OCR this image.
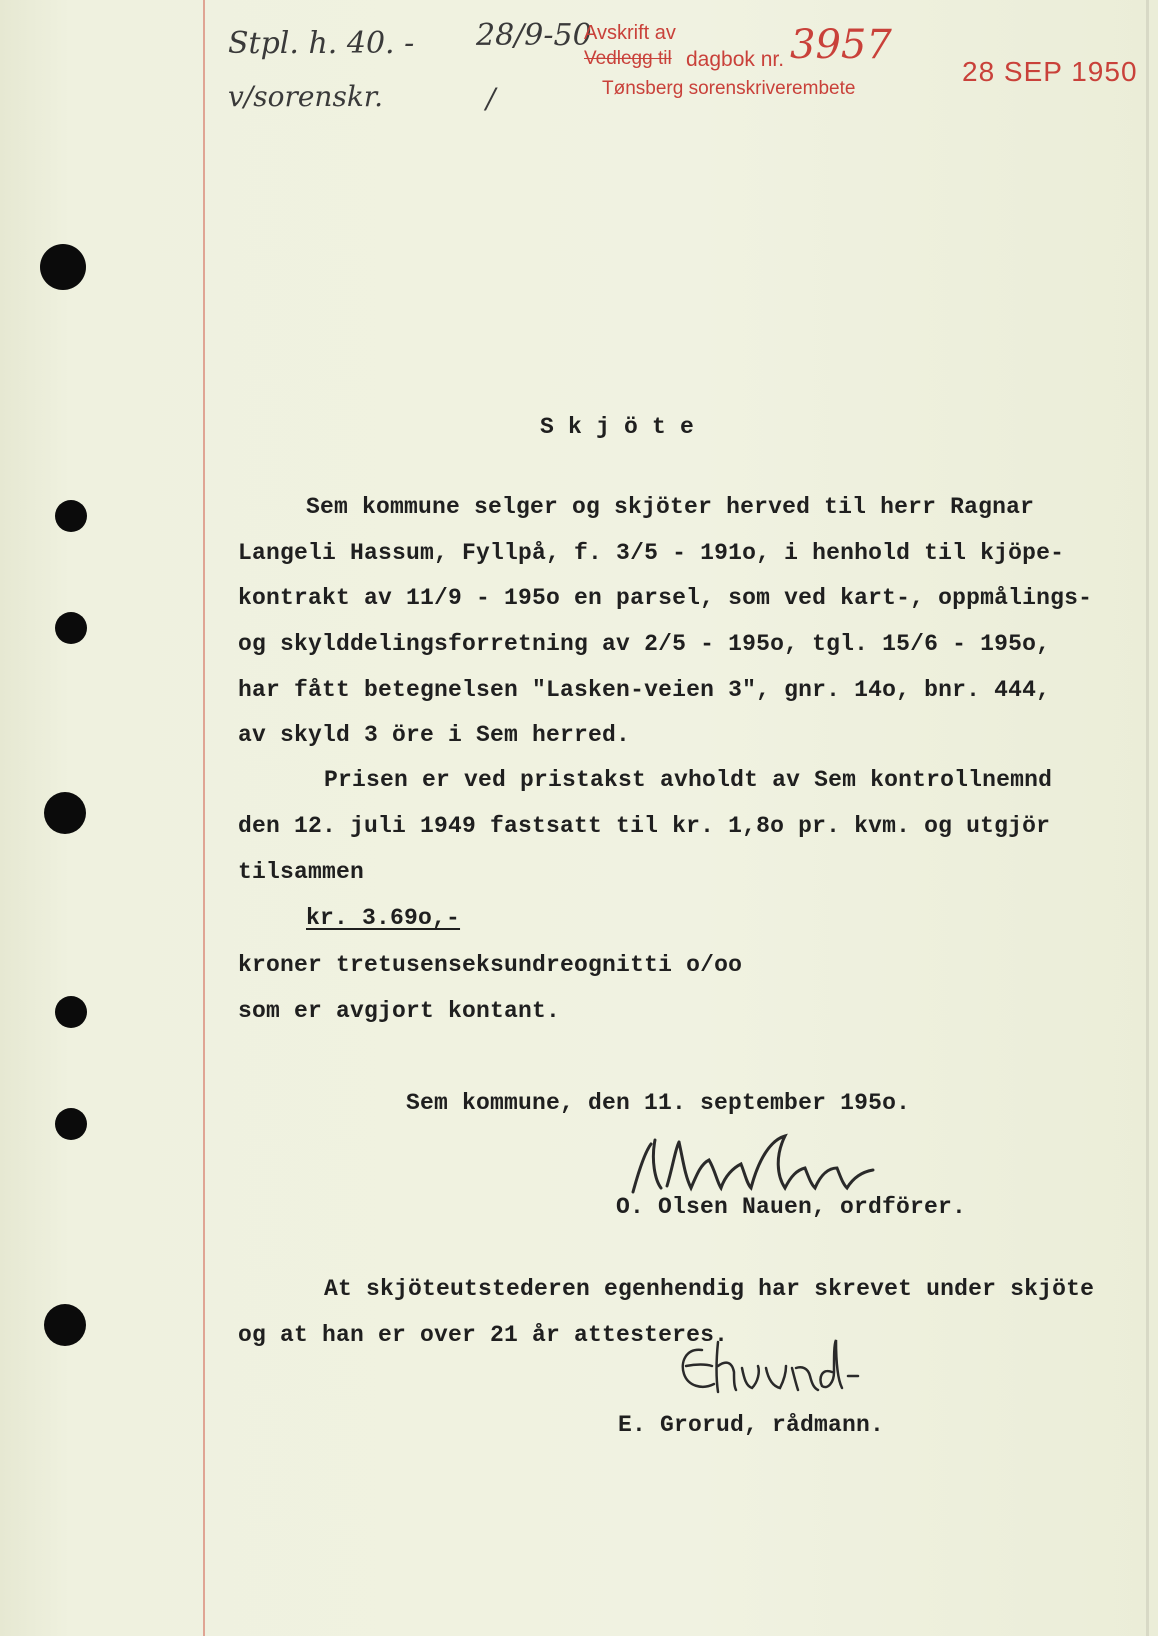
Stpl. h. 40. - 28/9-50
v/sorenskr.	/
Avskrift av
Vedlegg til dagbok nr. 3957
Tønsberg sorenskriverembete
28 SEP 1950
S k j ö t e
Sem kommune selger og skjöter herved til herr Ragnar
Langeli Hassum, Fyllpå, f. 3/5 - 191o, i henhold til kjöpe-
kontrakt av 11/9 - 195o en parsel, som ved kart-, oppmålings-
og skylddelingsforretning av 2/5 - 195o, tgl. 15/6 - 195o,
har fått betegnelsen "Lasken-veien 3", gnr. 14o, bnr. 444,
av skyld 3 öre i Sem herred.
Prisen er ved pristakst avholdt av Sem kontrollnemnd
den 12. juli 1949 fastsatt til kr. 1,8o pr. kvm. og utgjör
tilsammen
kr. 3.69o,-
kroner tretusenseksundreognitti o/oo
som er avgjort kontant.
Sem kommune, den 11. september 195o.
O. Olsen Nauen, ordförer.
At skjöteutstederen egenhendig har skrevet under skjöte
og at han er over 21 år attesteres.
E. Grorud, rådmann.
